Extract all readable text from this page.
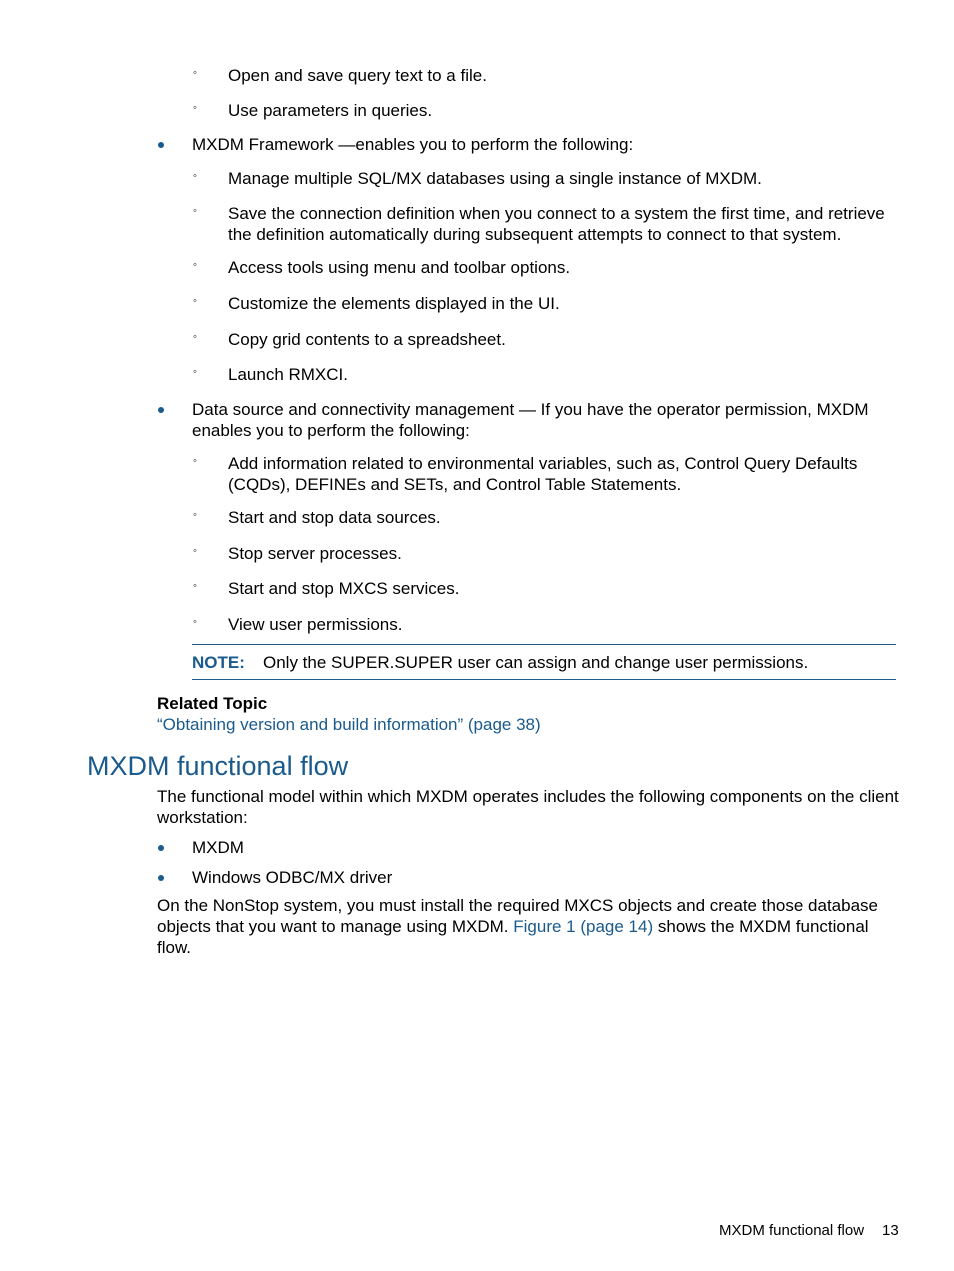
◦ Open and save query text to a file.
◦ Use parameters in queries.
MXDM Framework —enables you to perform the following:
◦ Manage multiple SQL/MX databases using a single instance of MXDM.
◦ Save the connection definition when you connect to a system the first time, and retrieve the definition automatically during subsequent attempts to connect to that system.
◦ Access tools using menu and toolbar options.
◦ Customize the elements displayed in the UI.
◦ Copy grid contents to a spreadsheet.
◦ Launch RMXCI.
Data source and connectivity management — If you have the operator permission, MXDM enables you to perform the following:
◦ Add information related to environmental variables, such as, Control Query Defaults (CQDs), DEFINEs and SETs, and Control Table Statements.
◦ Start and stop data sources.
◦ Stop server processes.
◦ Start and stop MXCS services.
◦ View user permissions.
NOTE: Only the SUPER.SUPER user can assign and change user permissions.
Related Topic
“Obtaining version and build information” (page 38)
MXDM functional flow
The functional model within which MXDM operates includes the following components on the client workstation:
MXDM
Windows ODBC/MX driver
On the NonStop system, you must install the required MXCS objects and create those database objects that you want to manage using MXDM. Figure 1 (page 14) shows the MXDM functional flow.
MXDM functional flow 13
